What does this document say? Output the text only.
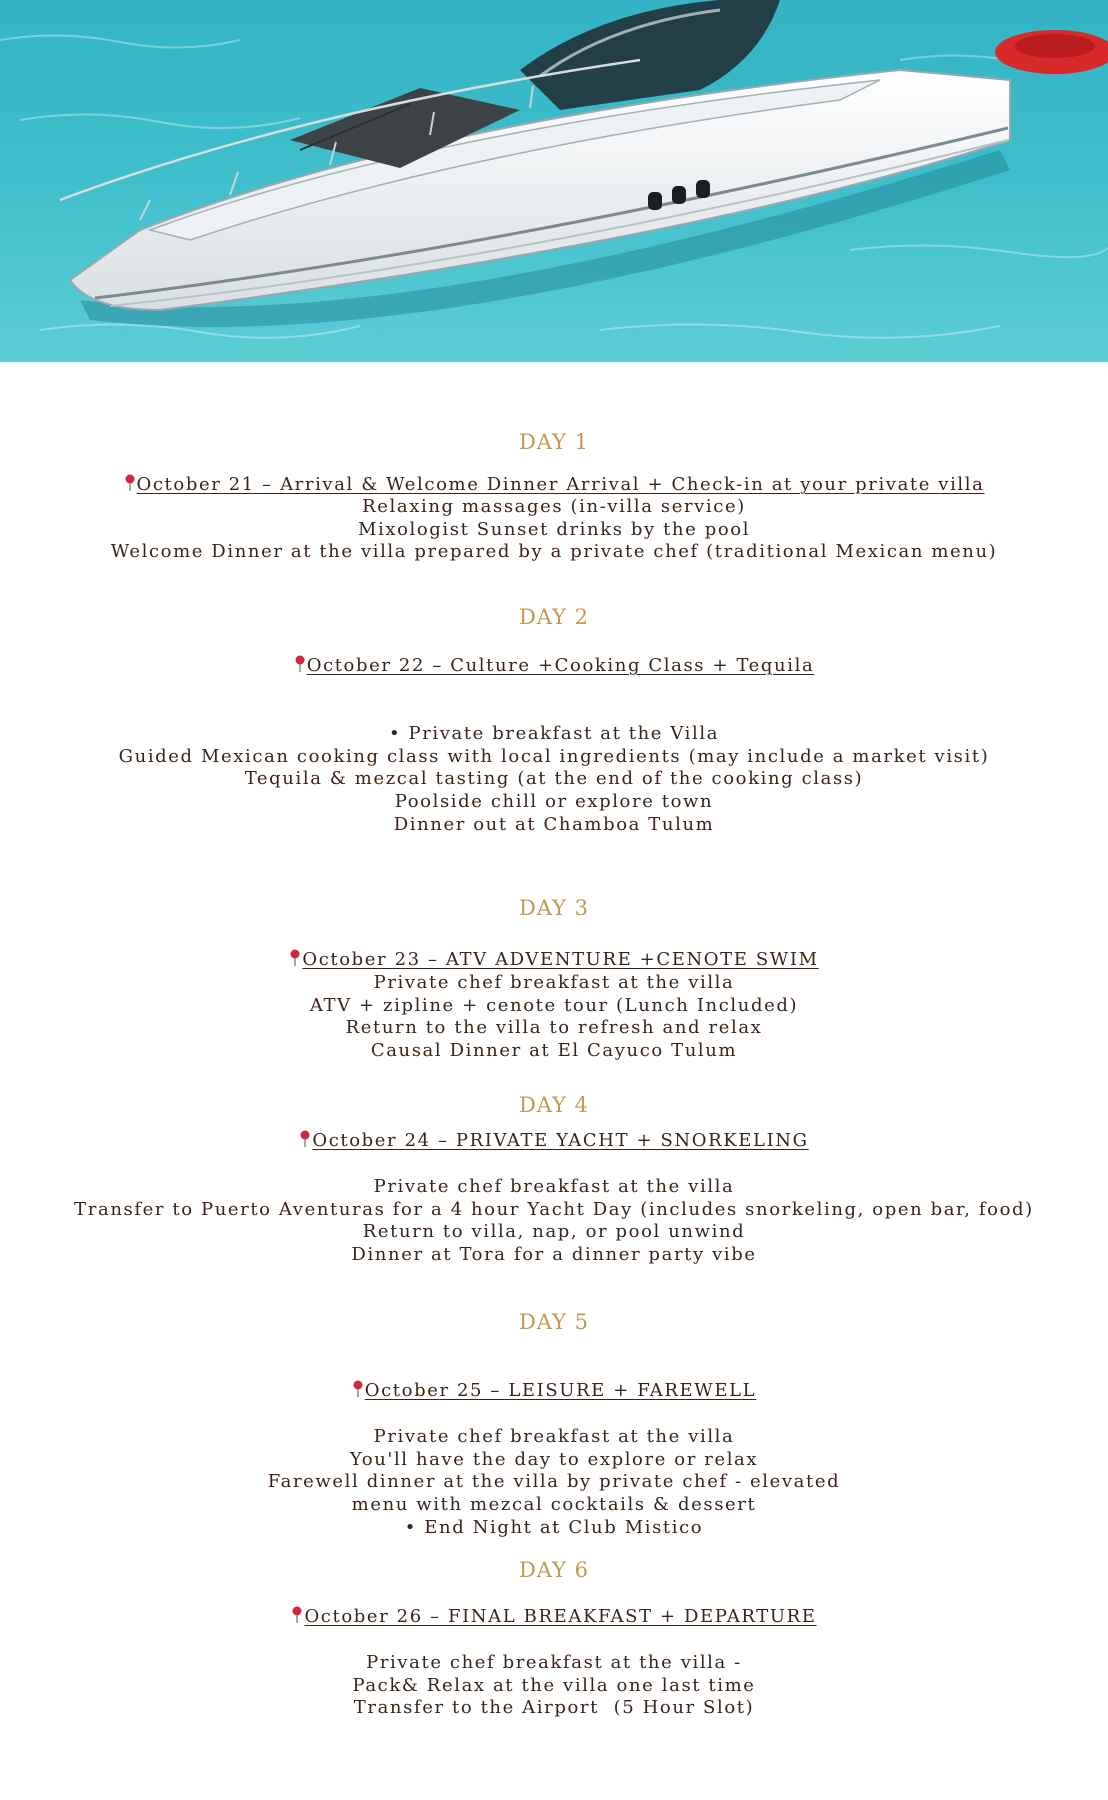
DAY 1
October 21 – Arrival & Welcome Dinner Arrival + Check-in at your private villa
Relaxing massages (in-villa service)
Mixologist Sunset drinks by the pool
Welcome Dinner at the villa prepared by a private chef (traditional Mexican menu)
DAY 2
October 22 – Culture +Cooking Class + Tequila
• Private breakfast at the Villa
Guided Mexican cooking class with local ingredients (may include a market visit)
Tequila & mezcal tasting (at the end of the cooking class)
Poolside chill or explore town
Dinner out at Chamboa Tulum
DAY 3
October 23 – ATV ADVENTURE +CENOTE SWIM
Private chef breakfast at the villa
ATV + zipline + cenote tour (Lunch Included)
Return to the villa to refresh and relax
Causal Dinner at El Cayuco Tulum
DAY 4
October 24 – PRIVATE YACHT + SNORKELING
Private chef breakfast at the villa
Transfer to Puerto Aventuras for a 4 hour Yacht Day (includes snorkeling, open bar, food)
Return to villa, nap, or pool unwind
Dinner at Tora for a dinner party vibe
DAY 5
October 25 – LEISURE + FAREWELL
Private chef breakfast at the villa
You'll have the day to explore or relax
Farewell dinner at the villa by private chef - elevated
menu with mezcal cocktails & dessert
• End Night at Club Mistico
DAY 6
October 26 – FINAL BREAKFAST + DEPARTURE
Private chef breakfast at the villa -
Pack& Relax at the villa one last time
Transfer to the Airport  (5 Hour Slot)
